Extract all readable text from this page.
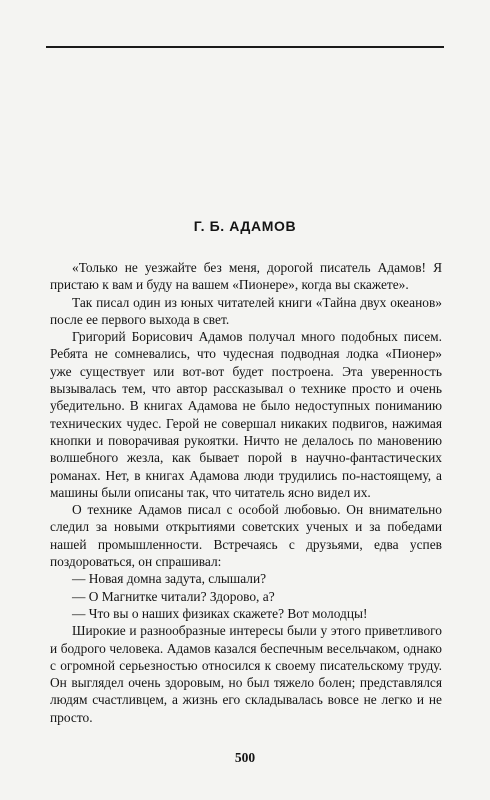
Г. Б. АДАМОВ

«Только не уезжайте без меня, дорогой писатель Адамов! Я пристаю к вам и буду на вашем «Пионере», когда вы скажете».

Так писал один из юных читателей книги «Тайна двух океанов» после ее первого выхода в свет.

Григорий Борисович Адамов получал много подобных писем. Ребята не сомневались, что чудесная подводная лодка «Пионер» уже существует или вот-вот будет построена. Эта уверенность вызывалась тем, что автор рассказывал о технике просто и очень убедительно. В книгах Адамова не было недоступных пониманию технических чудес. Герой не совершал никаких подвигов, нажимая кнопки и поворачивая рукоятки. Ничто не делалось по мановению волшебного жезла, как бывает порой в научно-фантастических романах. Нет, в книгах Адамова люди трудились по-настоящему, а машины были описаны так, что читатель ясно видел их.

О технике Адамов писал с особой любовью. Он внимательно следил за новыми открытиями советских ученых и за победами нашей промышленности. Встречаясь с друзьями, едва успев поздороваться, он спрашивал:

— Новая домна задута, слышали?

— О Магнитке читали? Здорово, а?

— Что вы о наших физиках скажете? Вот молодцы!

Широкие и разнообразные интересы были у этого приветливого и бодрого человека. Адамов казался беспечным весельчаком, однако с огромной серьезностью относился к своему писательскому труду. Он выглядел очень здоровым, но был тяжело болен; представлялся людям счастливцем, а жизнь его складывалась вовсе не легко и не просто.

500
